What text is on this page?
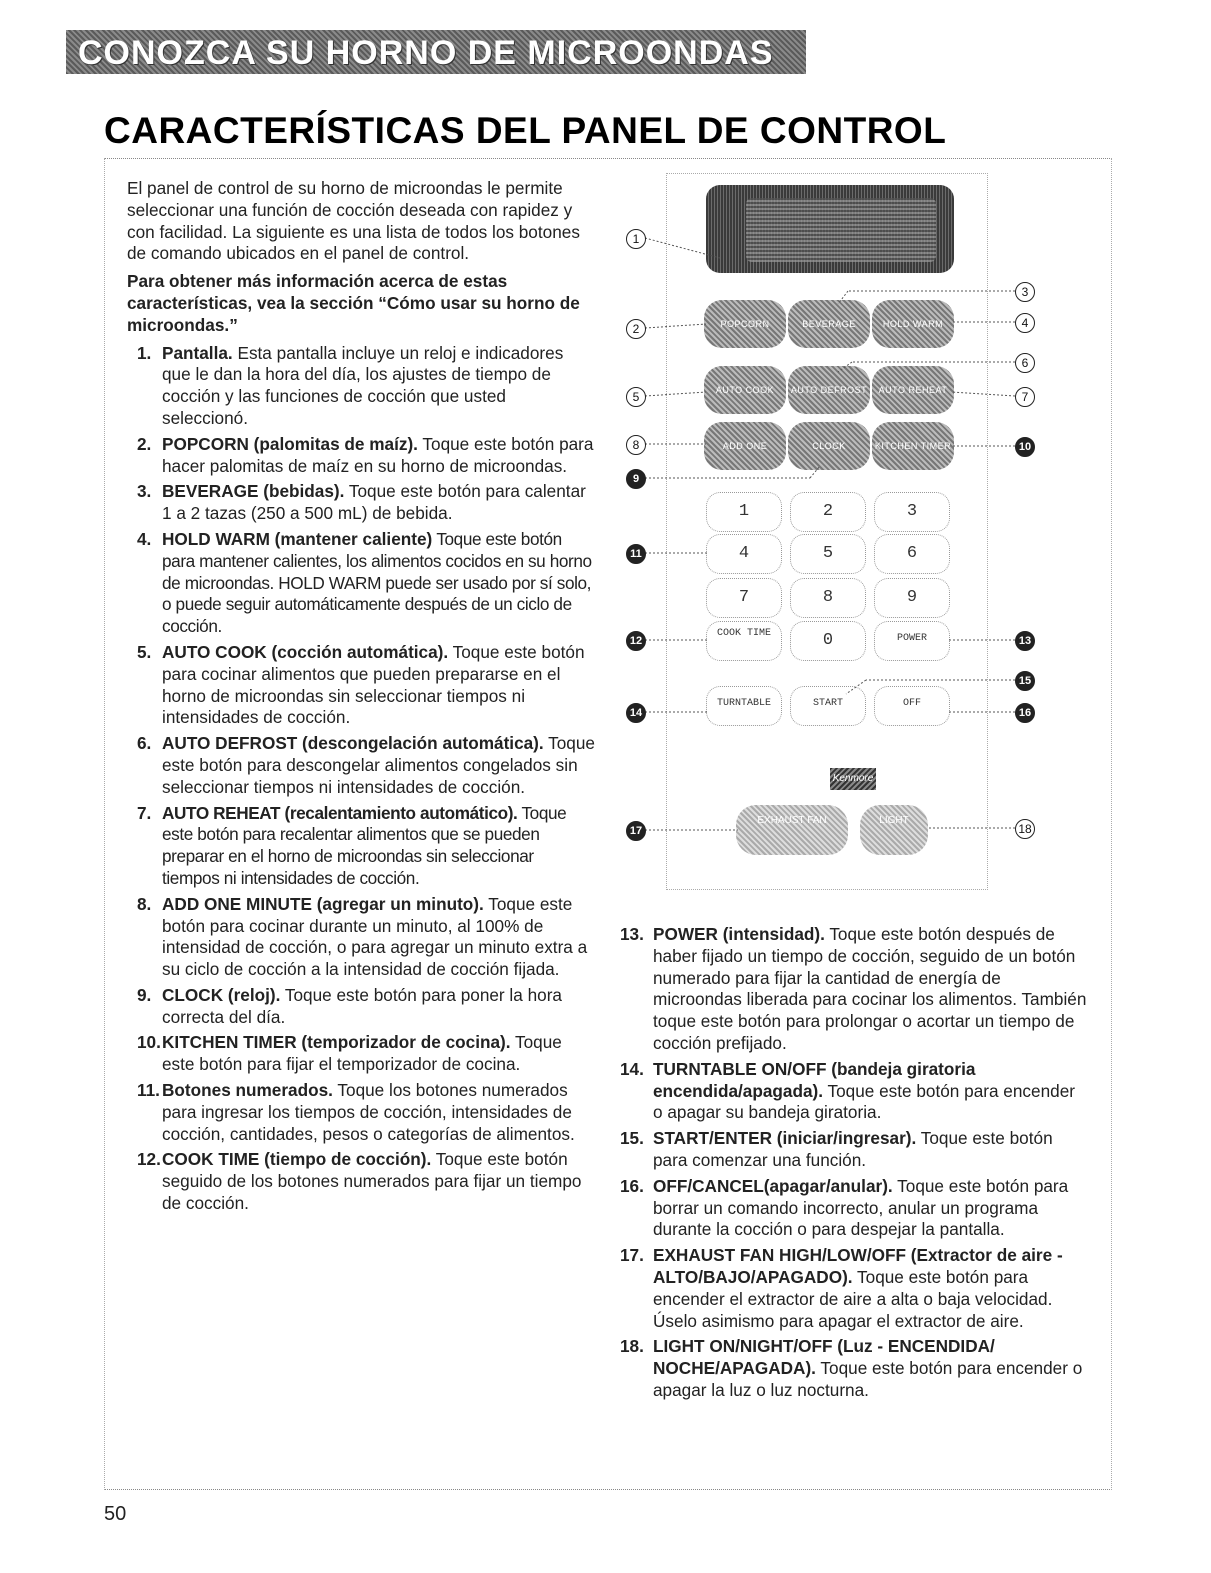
CONOZCA SU HORNO DE MICROONDAS
CARACTERÍSTICAS DEL PANEL DE CONTROL

El panel de control de su horno de microondas le permite seleccionar una función de cocción deseada con rapidez y con facilidad. La siguiente es una lista de todos los botones de comando ubicados en el panel de control.

Para obtener más información acerca de estas características, vea la sección “Cómo usar su horno de microondas.”

1. Pantalla. Esta pantalla incluye un reloj e indicadores que le dan la hora del día, los ajustes de tiempo de cocción y las funciones de cocción que usted seleccionó.
2. POPCORN (palomitas de maíz). Toque este botón para hacer palomitas de maíz en su horno de microondas.
3. BEVERAGE (bebidas). Toque este botón para calentar 1 a 2 tazas (250 a 500 mL) de bebida.
4. HOLD WARM (mantener caliente) Toque este botón para mantener calientes, los alimentos cocidos en su horno de microondas. HOLD WARM puede ser usado por sí solo, o puede seguir automáticamente después de un ciclo de cocción.
5. AUTO COOK (cocción automática). Toque este botón para cocinar alimentos que pueden prepararse en el horno de microondas sin seleccionar tiempos ni intensidades de cocción.
6. AUTO DEFROST (descongelación automática). Toque este botón para descongelar alimentos congelados sin seleccionar tiempos ni intensidades de cocción.
7. AUTO REHEAT (recalentamiento automático). Toque este botón para recalentar alimentos que se pueden preparar en el horno de microondas sin seleccionar tiempos ni intensidades de cocción.
8. ADD ONE MINUTE (agregar un minuto). Toque este botón para cocinar durante un minuto, al 100% de intensidad de cocción, o para agregar un minuto extra a su ciclo de cocción a la intensidad de cocción fijada.
9. CLOCK (reloj). Toque este botón para poner la hora correcta del día.
10. KITCHEN TIMER (temporizador de cocina). Toque este botón para fijar el temporizador de cocina.
11. Botones numerados. Toque los botones numerados para ingresar los tiempos de cocción, intensidades de cocción, cantidades, pesos o categorías de alimentos.
12. COOK TIME (tiempo de cocción). Toque este botón seguido de los botones numerados para fijar un tiempo de cocción.
13. POWER (intensidad). Toque este botón después de haber fijado un tiempo de cocción, seguido de un botón numerado para fijar la cantidad de energía de microondas liberada para cocinar los alimentos. También toque este botón para prolongar o acortar un tiempo de cocción prefijado.
14. TURNTABLE ON/OFF (bandeja giratoria encendida/apagada). Toque este botón para encender o apagar su bandeja giratoria.
15. START/ENTER (iniciar/ingresar). Toque este botón para comenzar una función.
16. OFF/CANCEL(apagar/anular). Toque este botón para borrar un comando incorrecto, anular un programa durante la cocción o para despejar la pantalla.
17. EXHAUST FAN HIGH/LOW/OFF (Extractor de aire - ALTO/BAJO/APAGADO). Toque este botón para encender el extractor de aire a alta o baja velocidad. Úselo asimismo para apagar el extractor de aire.
18. LIGHT ON/NIGHT/OFF (Luz - ENCENDIDA/ NOCHE/APAGADA). Toque este botón para encender o apagar la luz o luz nocturna.
POPCORN	BEVERAGE	HOLD WARM
AUTO COOK	AUTO DEFROST	AUTO REHEAT
ADD ONE MINUTE
CLOCK	KITCHEN TIMER
1	2	3
4	5	6
7	8	9
COOK TIME	0	POWER
TURNTABLE	START	OFF
Kenmore
EXHAUST FAN	LIGHT
1
2
3
4
5
6
7
8
9
10
11
12	13
14
15
16
17	18
50
